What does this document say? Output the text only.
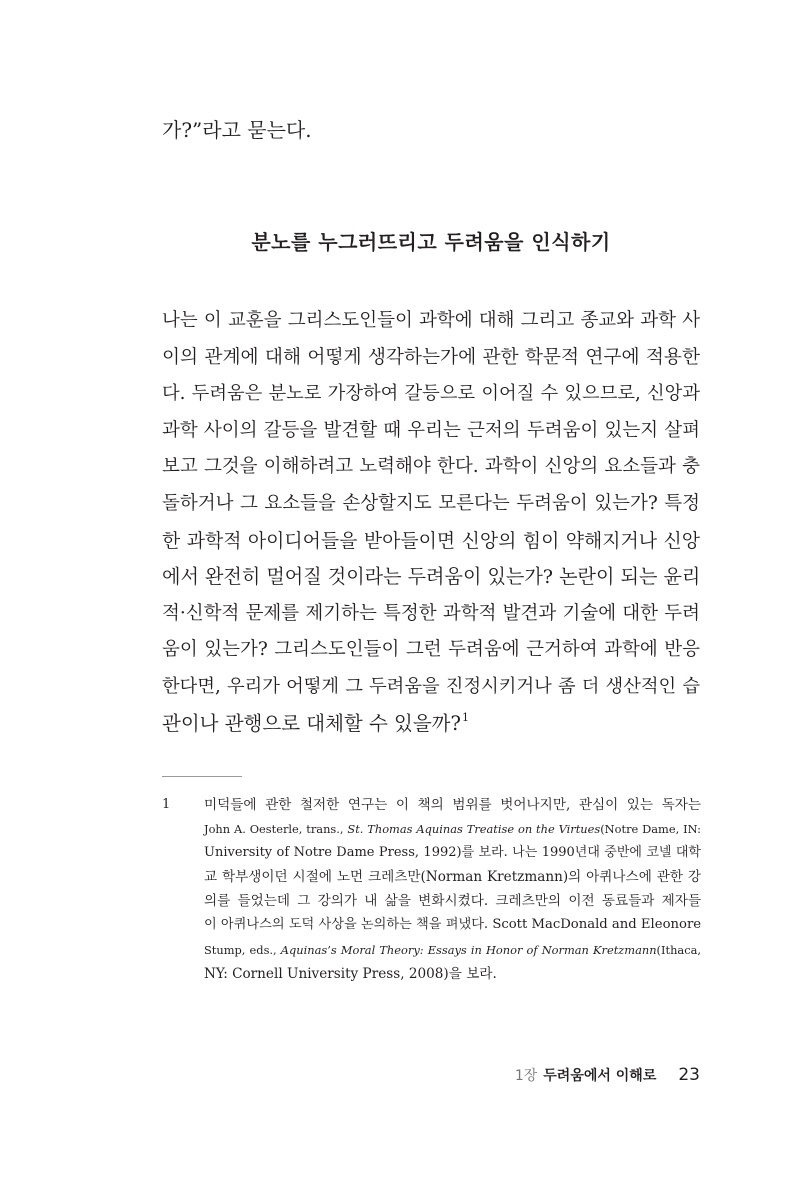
가?”라고 묻는다.
분노를 누그러뜨리고 두려움을 인식하기
나는 이 교훈을 그리스도인들이 과학에 대해 그리고 종교와 과학 사
이의 관계에 대해 어떻게 생각하는가에 관한 학문적 연구에 적용한
다. 두려움은 분노로 가장하여 갈등으로 이어질 수 있으므로, 신앙과
과학 사이의 갈등을 발견할 때 우리는 근저의 두려움이 있는지 살펴
보고 그것을 이해하려고 노력해야 한다. 과학이 신앙의 요소들과 충
돌하거나 그 요소들을 손상할지도 모른다는 두려움이 있는가? 특정
한 과학적 아이디어들을 받아들이면 신앙의 힘이 약해지거나 신앙
에서 완전히 멀어질 것이라는 두려움이 있는가? 논란이 되는 윤리
적·신학적 문제를 제기하는 특정한 과학적 발견과 기술에 대한 두려
움이 있는가? 그리스도인들이 그런 두려움에 근거하여 과학에 반응
한다면, 우리가 어떻게 그 두려움을 진정시키거나 좀 더 생산적인 습
관이나 관행으로 대체할 수 있을까?$^1$
1 미덕들에 관한 철저한 연구는 이 책의 범위를 벗어나지만, 관심이 있는 독자는
John A. Oesterle, trans., St. Thomas Aquinas Treatise on the Virtues(Notre Dame, IN:
University of Notre Dame Press, 1992)를 보라. 나는 1990년대 중반에 코넬 대학
교 학부생이던 시절에 노먼 크레츠만(Norman Kretzmann)의 아퀴나스에 관한 강
의를 들었는데 그 강의가 내 삶을 변화시켰다. 크레츠만의 이전 동료들과 제자들
이 아퀴나스의 도덕 사상을 논의하는 책을 펴냈다. Scott MacDonald and Eleonore
Stump, eds., Aquinas’s Moral Theory: Essays in Honor of Norman Kretzmann(Ithaca,
NY: Cornell University Press, 2008)을 보라.
1장 두려움에서 이해로 23
